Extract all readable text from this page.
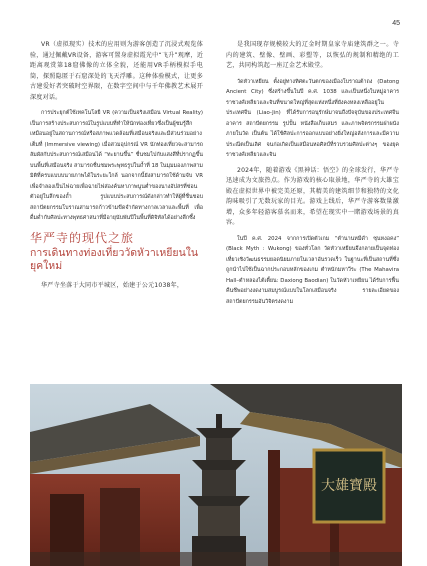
45

VR（虚拟现实）技术的应用则为游客创造了沉浸式观览体验，通过佩戴VR设备，游客可置身虚拟霞光中“飞升”观摩，近距离观赏第18窟佛像的立体全貌，还能用VR手柄模拟手电筒，探照隐匿于石窟深处的飞天浮雕。这种体验模式，让更多古建爱好者突破时空界限，在数字空间中与千年佛教艺术展开深度对话。

การประยุกต์ใช้เทคโนโลยี VR (ความเป็นจริงเสมือน Virtual Reality) เป็นการสร้างประสบการณ์ในรูปแบบที่ทำให้นักท่องเที่ยวซึ่งเป็นผู้ชมรู้สึกเหมือนอยู่ในสถานการณ์หรือสภาพแวดล้อมที่เสมือนจริงและมีส่วนร่วมอย่างเต็มที่ (Immersive viewing) เมื่อสวมอุปกรณ์ VR นักท่องเที่ยวจะสามารถลัมผัสกับประสบการณ์เสมือนได้ “ทะยานขึ้น” ชื่นชมไปกับแสงสีที่ปรากฏขึ้นบนพื้นที่เสมือนจริง สามารถชื่นชมพระพุทธรูปในถ้ำที่ 18 ในมุมมองภาพสามมิติที่ครบแบบบนายภาพได้ในระยะใกล้ นอกจากนี้ยังสามารถใช้ด้ามจับ VR เพื่อจำลองเป็นไฟฉายเพื่อฉายไฟส่องค้นหาภาพนูนต่ำของนางอัปสรที่ซ่อนตัวอยู่ในลึกของถ้ำ รูปแบบประสบการณ์ดังกล่าวทำให้ผู้ที่ชื่นชอบสถาปัตยกรรมโบราณสามารถก้าวข้ามขีดจำกัดทางกาลเวลาและพื้นที่ เพื่อดื่มด่ำกับศิลปะทางพุทธศาสนาที่มีอายุนับพันปีในพื้นที่ดิจิทัลได้อย่างลึกซึ้ง

华严寺的现代之旅
การเดินทางท่องเที่ยววัดหัวาเหยียนในยุคใหม่

华严寺坐落于大同市平城区，始建于公元1038年，

是我国现存规模较大的辽金时期皇家寺庙建筑群之一。寺内的建筑、壁像、壁画、彩塑等，以恢弘的规制和精绝的工艺，共同构筑起一座辽金艺术殿堂。

วัดหัวาเหยียน ตั้งอยู่ทางทิศตะวันตกของเมืองโบราณต้าถง (Datong Ancient City) ซึ่งสร้างขึ้นในปี ค.ศ. 1038 และเป็นหนึ่งในหมู่อาคารราชวงศ์เหลียวและจินที่ขนาดใหญ่ที่สุดแห่งหนึ่งที่ยังคงหลงเหลืออยู่ในประเทศจีน (Liao-Jin) ที่ได้รับการอนุรักษ์มาจนถึงปัจจุบันของประเทศจีน อาคาร สถาปัตยกรรม รูปปั้น หนังสือเก็บเสมร และภาพจิตรกรรมฝาผนังภายในวัด เป็นต้น ได้ใช้ศิลปะการออกแบบอย่างยิ่งใหญ่อลังการและมีความประณีตเป็นเลิศ จนก่อเกิดเป็นเสมือนหอศิลป์ที่รวบรวมศิลปะต่างๆ ของยุคราชวงศ์เหลียวและจิน

2024年，随着游戏《黑神话：悟空》的全球发行，华严寺迅速成为文旅热点。作为游戏的核心取景地，华严寺的大雄宝殿在虚拟世界中被完美还原，其精美的建筑细节和独特的文化韵味吸引了无数玩家的目光。游戏上线后，华严寺游客数量激增，众多年轻游客慕名而来，希望在现实中一睹游戏场景的真容。

ในปี ค.ศ. 2024 จากการเปิดตัวเกม “ตำนานหมีดำ ซุนหงอคง” (Black Myth : Wukong) ของทั่วโลก วัดหัวาเหยียนจึงกลายเป็นจุดท่องเที่ยวเชิงวัฒนธรรมยอดนิยมภายในเวลาอันรวดเร็ว ในฐานะที่เป็นสถานที่ซึ่งถูกนำไปใช้เป็นฉากประกอบหลักของเกม ตำหนักมหาวีระ (The Mahavira Hall–ตำหลองไต้เตี้ยน: Daxiong Baodian) ในวัดหัวาเหยียน ได้รับการฟื้นคืนชีพอย่างงดงามสมบูรณ์แบบในโลกเสมือนจริง รายละเอียดของสถาปัตยกรรมอันวิจิตรงดงาม

大雄寶殿
